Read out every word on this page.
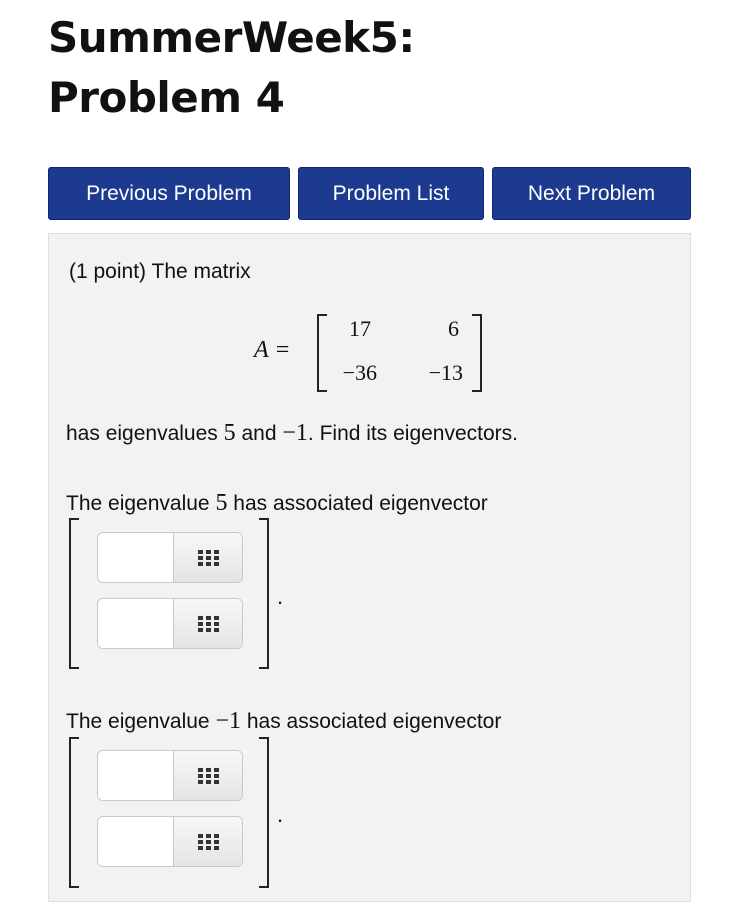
SummerWeek5:
Problem 4
Previous Problem	Problem List	Next Problem
(1 point) The matrix
A =
17	6
−36	−13
has eigenvalues 5 and −1. Find its eigenvectors.
The eigenvalue 5 has associated eigenvector
.
The eigenvalue −1 has associated eigenvector
.
